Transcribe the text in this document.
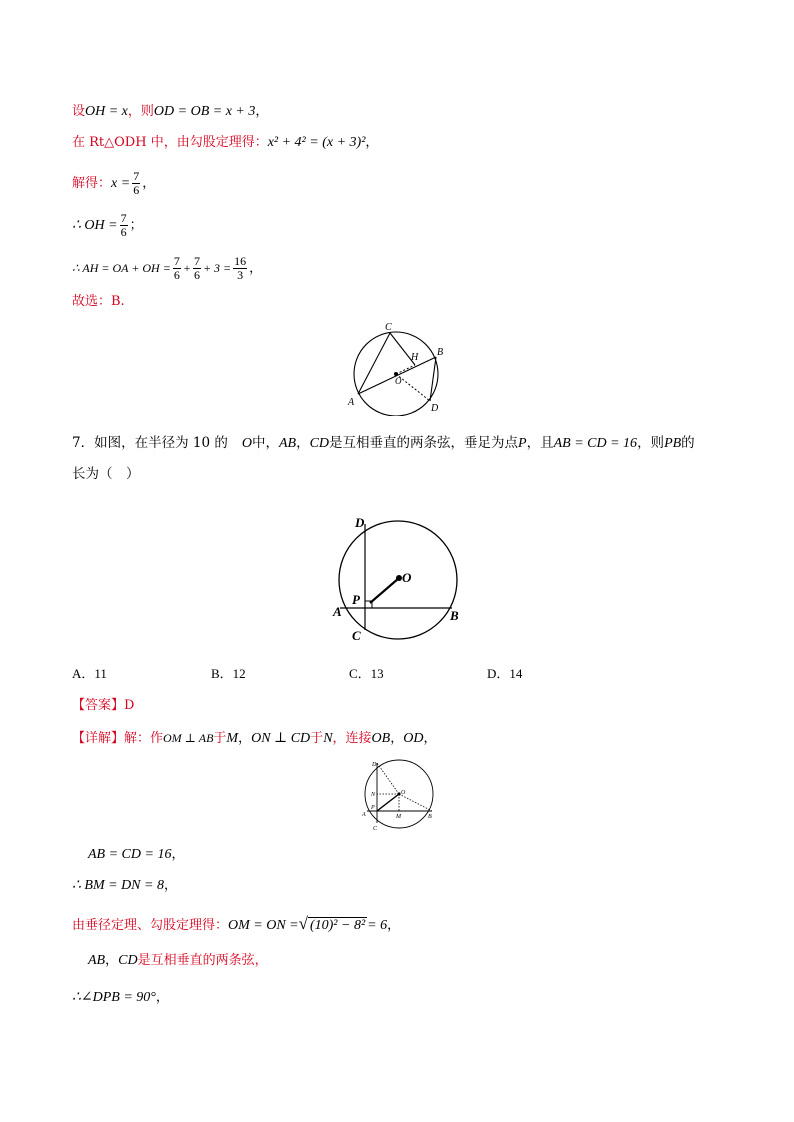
设OH = x，则OD = OB = x + 3，
在 Rt△ODH 中，由勾股定理得：x² + 4² = (x + 3)²，
解得：$x = \frac{7}{6}$ ，
∴ OH = $\frac{7}{6}$ ；
∴ AH = OA + OH = $\frac{7}{6} + \frac{7}{6} + 3 = \frac{16}{3}$ ，
故选：B.
C
B
H
O
A
D
7．如图，在半径为 10 的 O中，AB，CD是互相垂直的两条弦，垂足为点P，且AB = CD = 16，则PB的
长为（　）
D
O
P
A	B
C
A．11	B．12	C．13	D．14
【答案】D
【详解】解：作OM ⊥ AB于M，ON ⊥ CD于N，连接OB，OD，
D
N	O
P
A	M	B
C
AB = CD = 16，
∴ BM = DN = 8，
由垂径定理、勾股定理得：OM = ON =√ (10)² − 8² = 6，
AB，CD是互相垂直的两条弦，
∴∠DPB = 90°，
